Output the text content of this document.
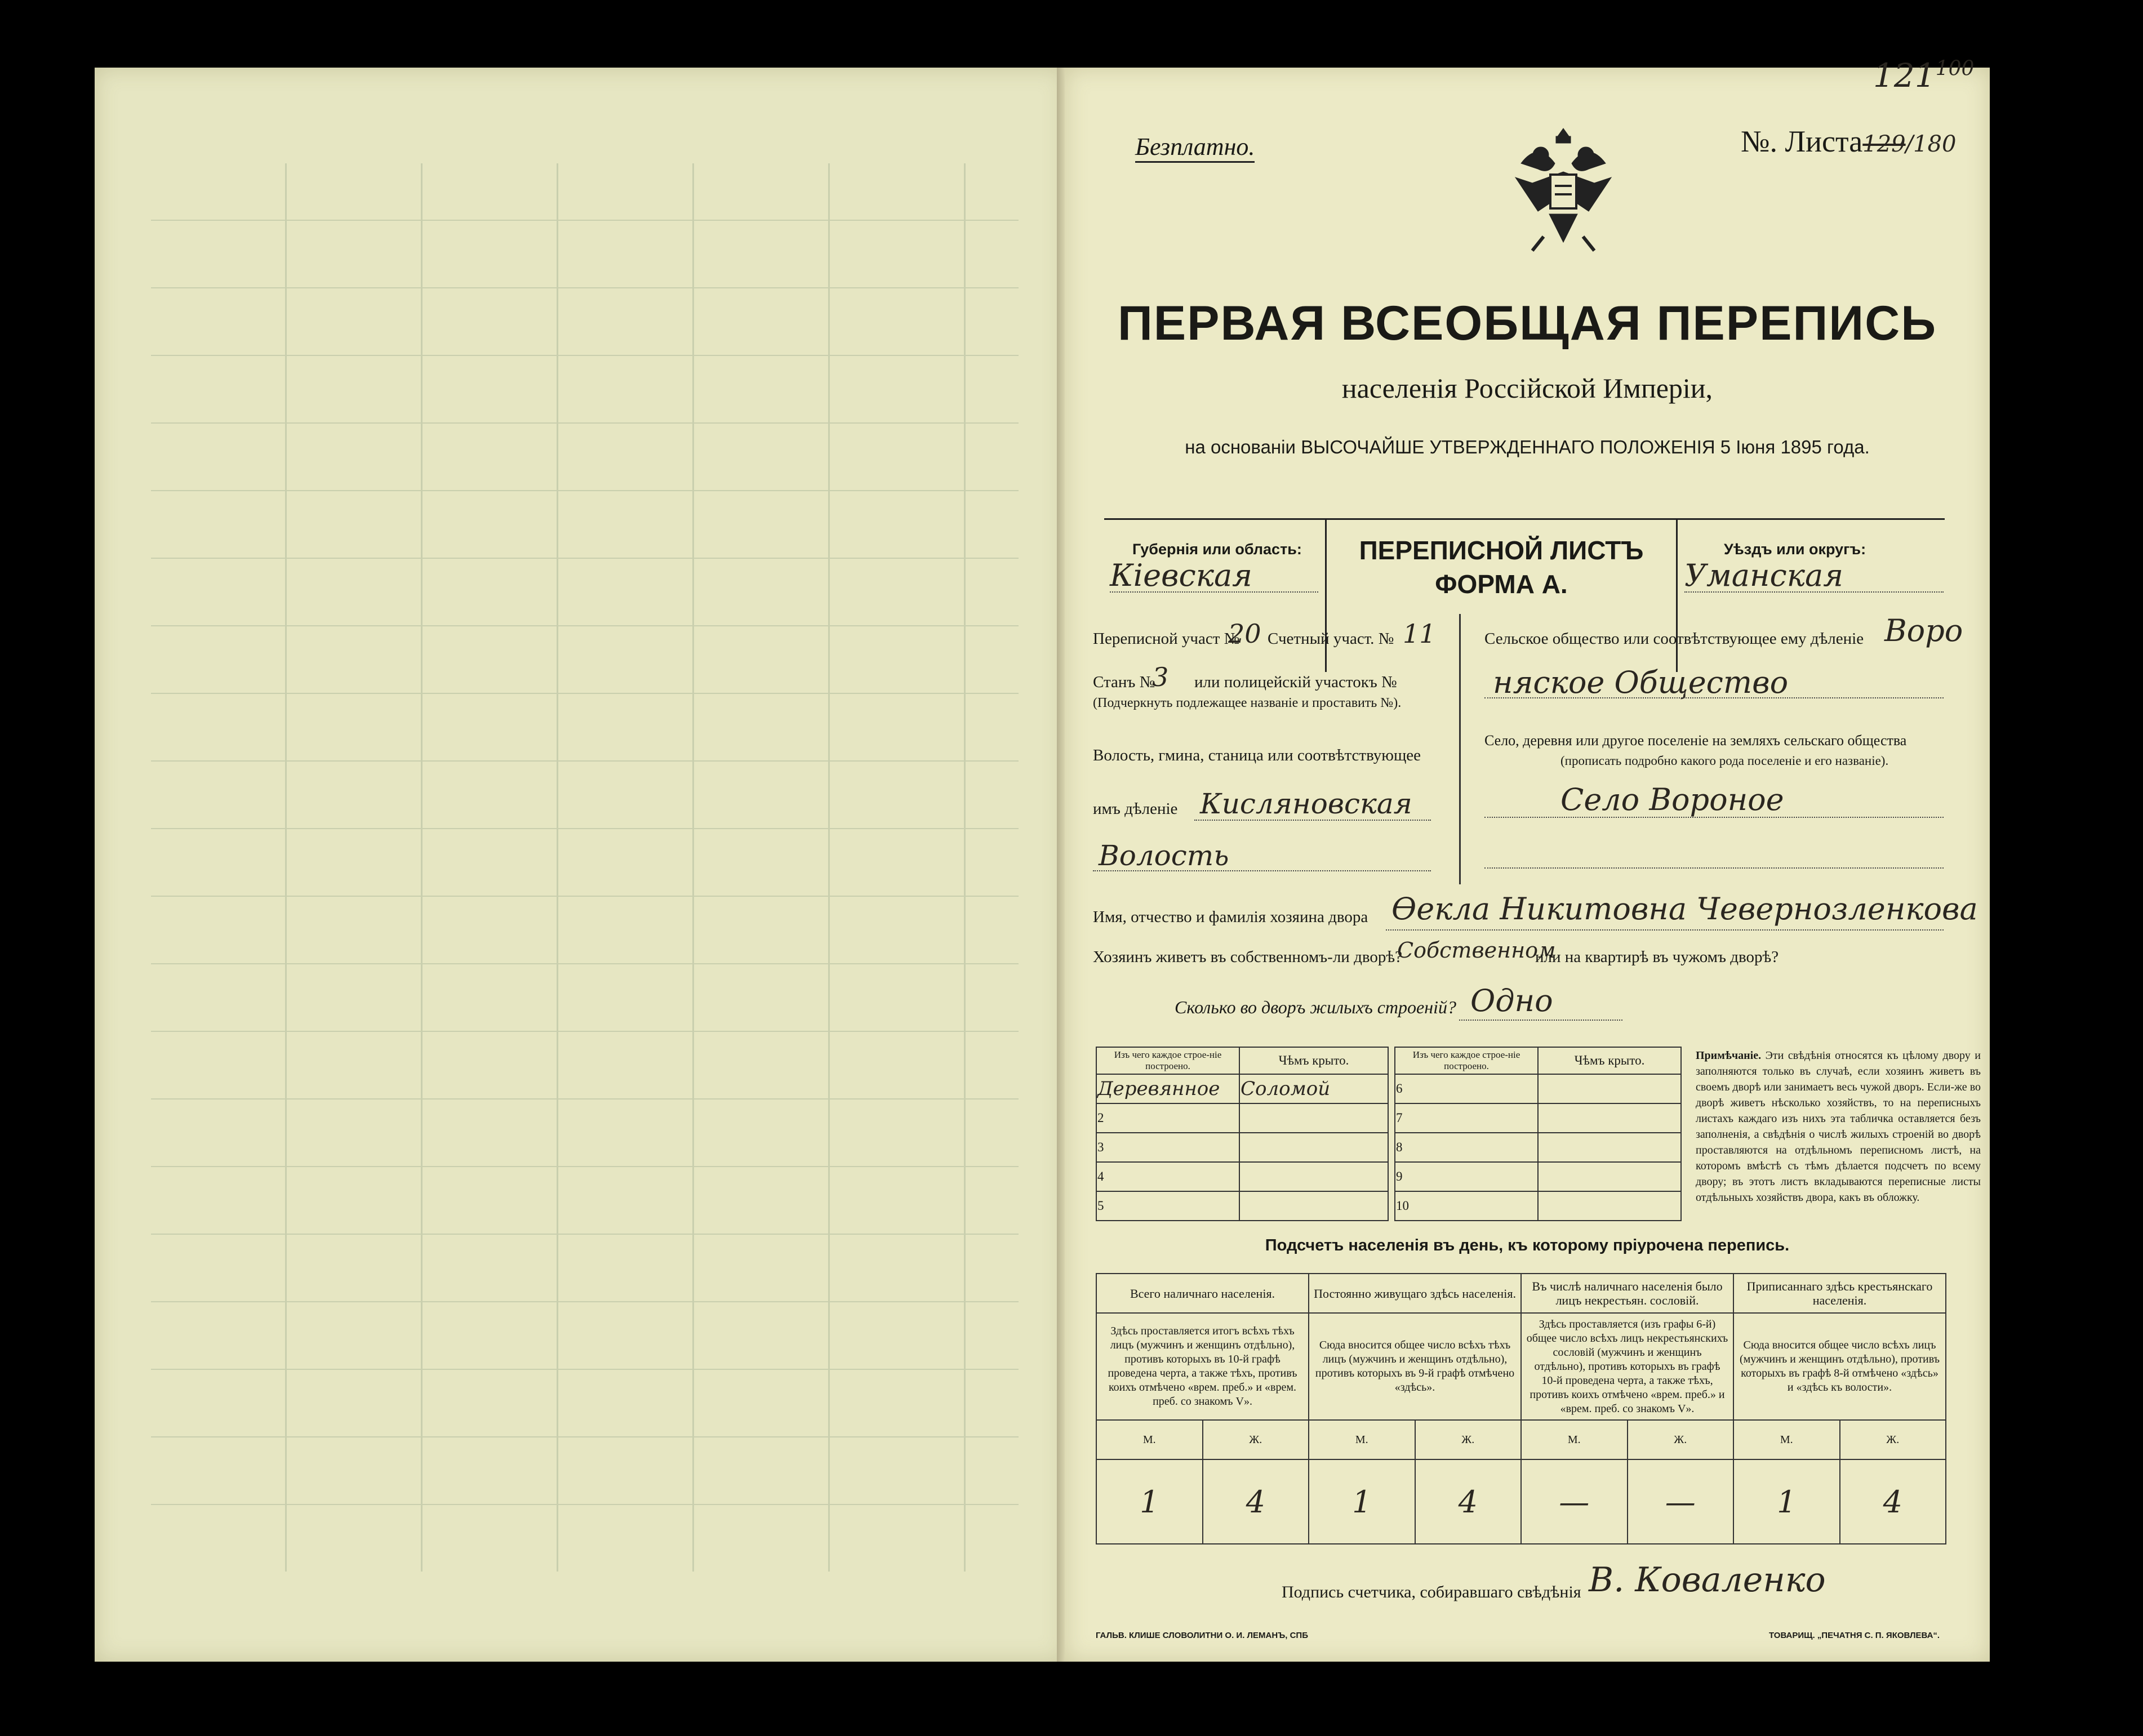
Безплатно.	№. Листа129/180
$121^{100}$
ПЕРВАЯ ВСЕОБЩАЯ ПЕРЕПИСЬ
населенія Россійской Имперіи,
на основаніи ВЫСОЧАЙШЕ УТВЕРЖДЕННАГО ПОЛОЖЕНІЯ 5 Іюня 1895 года.
Губернія или область:
Кіевская
ПЕРЕПИСНОЙ ЛИСТЪ
ФОРМА А.
Уѣздъ или округъ:
Уманская
Переписной участ №
20 Счетный участ. № 11
Станъ №
3 или полицейскій участокъ №
(Подчеркнуть подлежащее названіе и проставить №).
Волость, гмина, станица или соотвѣтствующее
имъ дѣленіе Кисляновская
Волость
Сельское общество или соотвѣтствующее ему дѣленіе Воро
няское Общество
Село, деревня или другое поселеніе на земляхъ сельскаго общества
(прописать подробно какого рода поселеніе и его названіе).
Село Вороное
Имя, отчество и фамилія хозяина двора Өекла Никитовна Чевернозленкова
Хозяинъ живетъ въ собственномъ-ли дворѣ?
Собственном
или на квартирѣ въ чужомъ дворѣ?
Сколько во дворъ жилыхъ строеній? Одно
Изъ чего каждое строе-ніе построено.	Чѣмъ крыто.
Деревянное	Соломой
2	
3	
4	
5	
Изъ чего каждое строе-ніе построено.	Чѣмъ крыто.
6	
7	
8	
9	
10	
Примѣчаніе. Эти свѣдѣнія относятся къ цѣлому двору и заполняются только въ случаѣ, если хозяинъ живетъ въ своемъ дворѣ или занимаетъ весь чужой дворъ. Если-же во дворѣ живетъ нѣсколько хозяйствъ, то на переписныхъ листахъ каждаго изъ нихъ эта табличка оставляется безъ заполненія, а свѣдѣнія о числѣ жилыхъ строеній во дворѣ проставляются на отдѣльномъ переписномъ листѣ, на которомъ вмѣстѣ съ тѣмъ дѣлается подсчетъ по всему двору; въ этотъ листъ вкладываются переписные листы отдѣльныхъ хозяйствъ двора, какъ въ обложку.
Подсчетъ населенія въ день, къ которому пріурочена перепись.
Всего наличнаго населенія.		Постоянно живущаго здѣсь населенія.		Въ числѣ наличнаго населенія было лицъ некрестьян. сословій.		Приписаннаго здѣсь крестьянскаго населенія.	
Здѣсь проставляется итогъ всѣхъ тѣхъ лицъ (мужчинъ и женщинъ отдѣльно), противъ которыхъ въ 10-й графѣ проведена черта, а также тѣхъ, противъ коихъ отмѣчено «врем. преб.» и «врем. преб. со знакомъ V».		Сюда вносится общее число всѣхъ тѣхъ лицъ (мужчинъ и женщинъ отдѣльно), противъ которыхъ въ 9-й графѣ отмѣчено «здѣсь».		Здѣсь проставляется (изъ графы 6-й) общее число всѣхъ лицъ некрестьянскихъ сословій (мужчинъ и женщинъ отдѣльно), противъ которыхъ въ графѣ 10-й проведена черта, а также тѣхъ, противъ коихъ отмѣчено «врем. преб.» и «врем. преб. со знакомъ V».		Сюда вносится общее число всѣхъ лицъ (мужчинъ и женщинъ отдѣльно), противъ которыхъ въ графѣ 8-й отмѣчено «здѣсь» и «здѣсь къ волости».	
М.	Ж.	М.	Ж.	М.	Ж.	М.	Ж.
1	4	1	4	—	—	1	4
Подпись счетчика, собиравшаго свѣдѣнія В. Коваленко
ГАЛЬВ. КЛИШЕ СЛОВОЛИТНИ О. И. ЛЕМАНЪ, СПБ	ТОВАРИЩ. „ПЕЧАТНЯ С. П. ЯКОВЛЕВА“.
